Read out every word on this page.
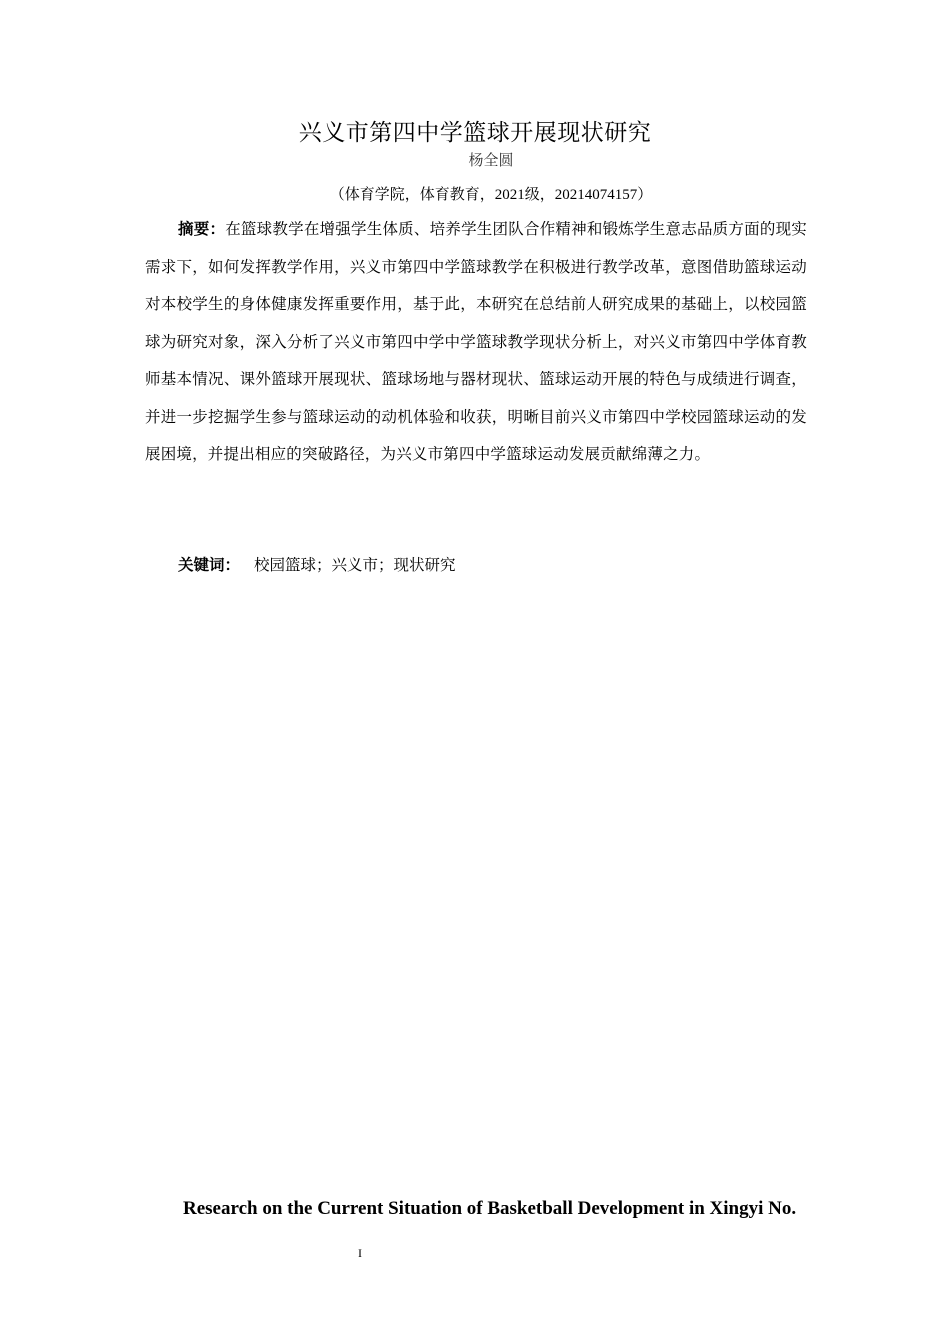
兴义市第四中学篮球开展现状研究
杨全圆
（体育学院，体育教育，2021级，20214074157）

摘要：在篮球教学在增强学生体质、培养学生团队合作精神和锻炼学生意志品质方面的现实需求下，如何发挥教学作用，兴义市第四中学篮球教学在积极进行教学改革，意图借助篮球运动对本校学生的身体健康发挥重要作用，基于此，本研究在总结前人研究成果的基础上，以校园篮球为研究对象，深入分析了兴义市第四中学中学篮球教学现状分析上，对兴义市第四中学体育教师基本情况、课外篮球开展现状、篮球场地与器材现状、篮球运动开展的特色与成绩进行调查，并进一步挖掘学生参与篮球运动的动机体验和收获，明晰目前兴义市第四中学校园篮球运动的发展困境，并提出相应的突破路径，为兴义市第四中学篮球运动发展贡献绵薄之力。

关键词： 校园篮球；兴义市；现状研究
Research on the Current Situation of Basketball Development in Xingyi No.
I
